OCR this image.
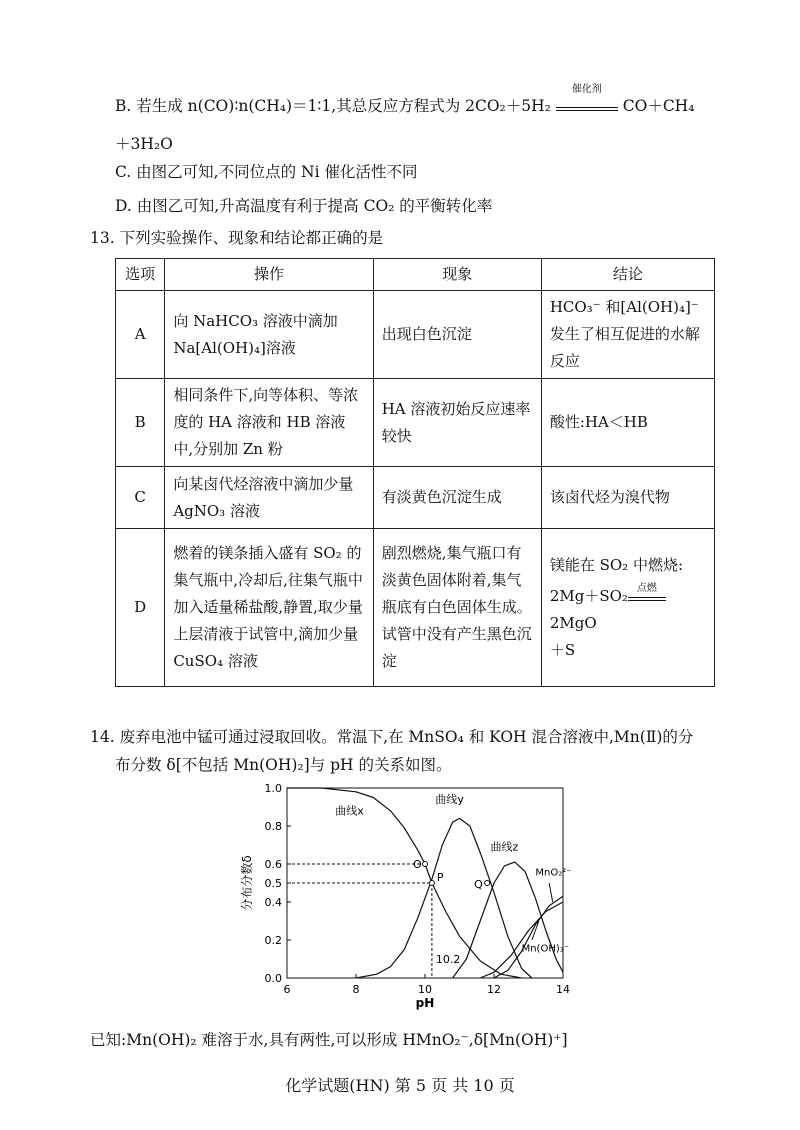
B. 若生成 n(CO)∶n(CH₄)＝1∶1,其总反应方程式为 2CO₂＋5H₂
催化剂
CO＋CH₄
＋3H₂O
C. 由图乙可知,不同位点的 Ni 催化活性不同
D. 由图乙可知,升高温度有利于提高 CO₂ 的平衡转化率
13. 下列实验操作、现象和结论都正确的是
选项	操作	现象	结论
A	向 NaHCO₃ 溶液中滴加 Na[Al(OH)₄]溶液	出现白色沉淀	HCO₃⁻ 和[Al(OH)₄]⁻ 发生了相互促进的水解反应
B	相同条件下,向等体积、等浓度的 HA 溶液和 HB 溶液中,分别加 Zn 粉	HA 溶液初始反应速率较快	酸性:HA＜HB
C	向某卤代烃溶液中滴加少量 AgNO₃ 溶液	有淡黄色沉淀生成	该卤代烃为溴代物
D	燃着的镁条插入盛有 SO₂ 的集气瓶中,冷却后,往集气瓶中加入适量稀盐酸,静置,取少量上层清液于试管中,滴加少量 CuSO₄ 溶液	剧烈燃烧,集气瓶口有淡黄色固体附着,集气瓶底有白色固体生成。试管中没有产生黑色沉淀	镁能在 SO₂ 中燃烧:
2Mg＋SO₂ 点燃
2MgO
＋S
14. 废弃电池中锰可通过浸取回收。常温下,在 MnSO₄ 和 KOH 混合溶液中,Mn(Ⅱ)的分
布分数 δ[不包括 Mn(OH)₂]与 pH 的关系如图。
6	8	10	12	14
0.0
0.2
0.4
0.5
0.6
0.8
1.0
pH
分布分数δ	O
P
Q
10.2
曲线x
曲线y
曲线z
MnO₂²⁻
Mn(OH)₃⁻
已知:Mn(OH)₂ 难溶于水,具有两性,可以形成 HMnO₂⁻,δ[Mn(OH)⁺]
化学试题(HN) 第 5 页 共 10 页
